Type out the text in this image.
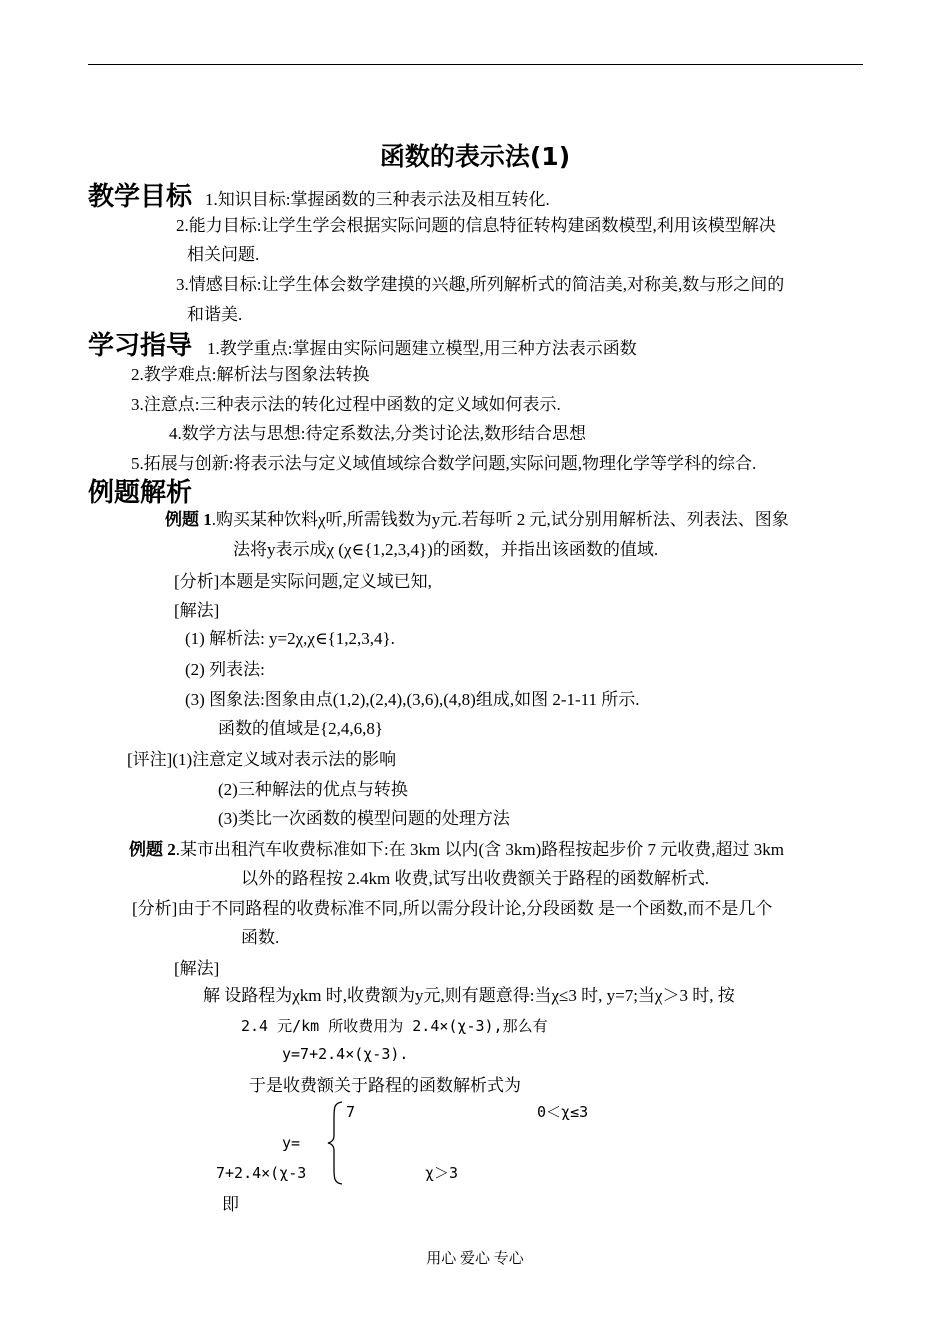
函数的表示法(1)
教学目标 1.知识目标:掌握函数的三种表示法及相互转化.
2.能力目标:让学生学会根据实际问题的信息特征转构建函数模型,利用该模型解决
相关问题.
3.情感目标:让学生体会数学建摸的兴趣,所列解析式的简洁美,对称美,数与形之间的
和谐美.
学习指导 1.教学重点:掌握由实际问题建立模型,用三种方法表示函数
2.教学难点:解析法与图象法转换
3.注意点:三种表示法的转化过程中函数的定义域如何表示.
4.数学方法与思想:待定系数法,分类讨论法,数形结合思想
5.拓展与创新:将表示法与定义域值域综合数学问题,实际问题,物理化学等学科的综合.
例题解析
例题 1.购买某种饮料χ听,所需钱数为y元.若每听 2 元,试分别用解析法、列表法、图象
法将y表示成χ (χ∈{1,2,3,4})的函数，并指出该函数的值域.
[分析]本题是实际问题,定义域已知,
[解法]
(1) 解析法: y=2χ,χ∈{1,2,3,4}.
(2) 列表法:
(3) 图象法:图象由点(1,2),(2,4),(3,6),(4,8)组成,如图 2-1-11 所示.
函数的值域是{2,4,6,8}
[评注](1)注意定义域对表示法的影响
(2)三种解法的优点与转换
(3)类比一次函数的模型问题的处理方法
例题 2.某市出租汽车收费标准如下:在 3km 以内(含 3km)路程按起步价 7 元收费,超过 3km
以外的路程按 2.4km 收费,试写出收费额关于路程的函数解析式.
[分析]由于不同路程的收费标准不同,所以需分段计论,分段函数 是一个函数,而不是几个
函数.
[解法]
解 设路程为χkm 时,收费额为y元,则有题意得:当χ≤3 时, y=7;当χ＞3 时, 按
2.4 元/km 所收费用为 2.4×(χ-3),那么有
y=7+2.4×(χ-3).
于是收费额关于路程的函数解析式为
7	0＜χ≤3
y=
7+2.4×(χ-3	χ＞3
即
用心 爱心 专心
